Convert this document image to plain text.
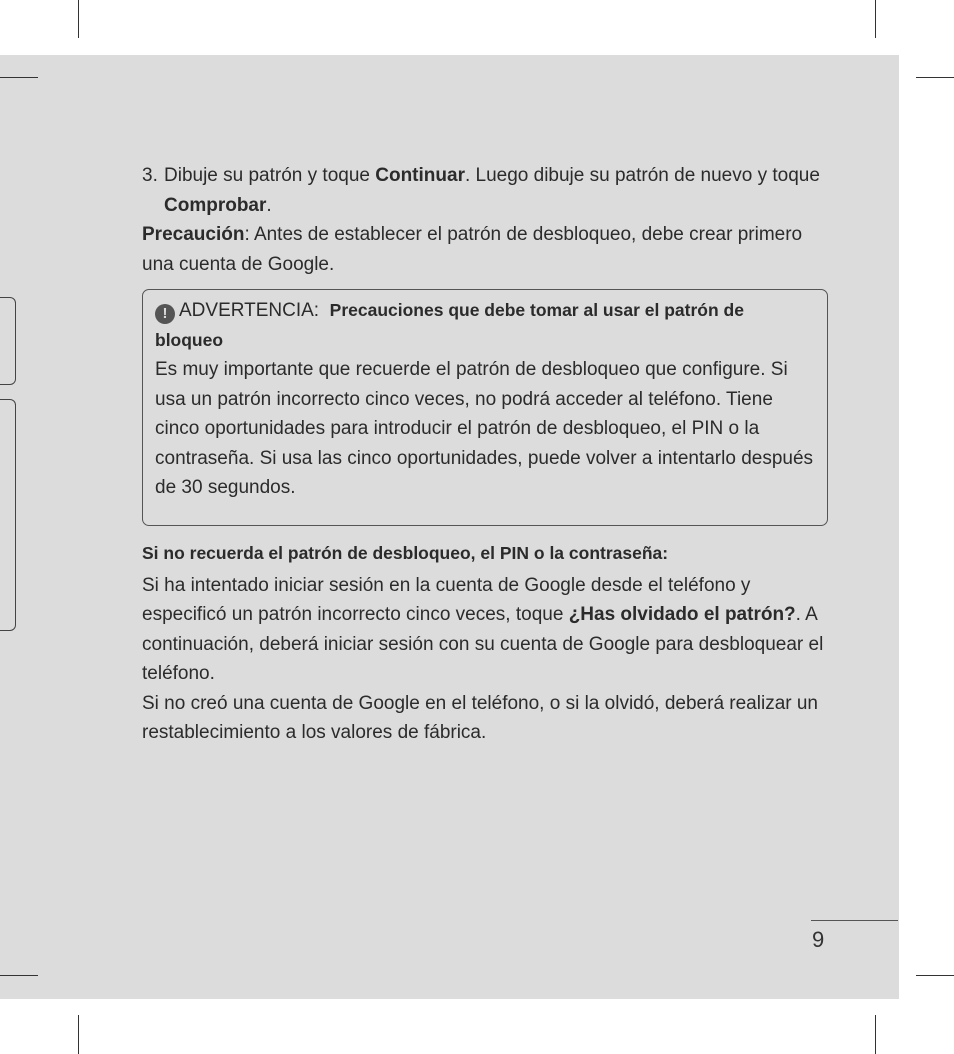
3. Dibuje su patrón y toque Continuar. Luego dibuje su patrón de nuevo y toque Comprobar.

Precaución: Antes de establecer el patrón de desbloqueo, debe crear primero una cuenta de Google.

! ADVERTENCIA: Precauciones que debe tomar al usar el patrón de bloqueo

Es muy importante que recuerde el patrón de desbloqueo que configure. Si usa un patrón incorrecto cinco veces, no podrá acceder al teléfono. Tiene cinco oportunidades para introducir el patrón de desbloqueo, el PIN o la contraseña. Si usa las cinco oportunidades, puede volver a intentarlo después de 30 segundos.

Si no recuerda el patrón de desbloqueo, el PIN o la contraseña:

Si ha intentado iniciar sesión en la cuenta de Google desde el teléfono y especificó un patrón incorrecto cinco veces, toque ¿Has olvidado el patrón?. A continuación, deberá iniciar sesión con su cuenta de Google para desbloquear el teléfono.

Si no creó una cuenta de Google en el teléfono, o si la olvidó, deberá realizar un restablecimiento a los valores de fábrica.

9
